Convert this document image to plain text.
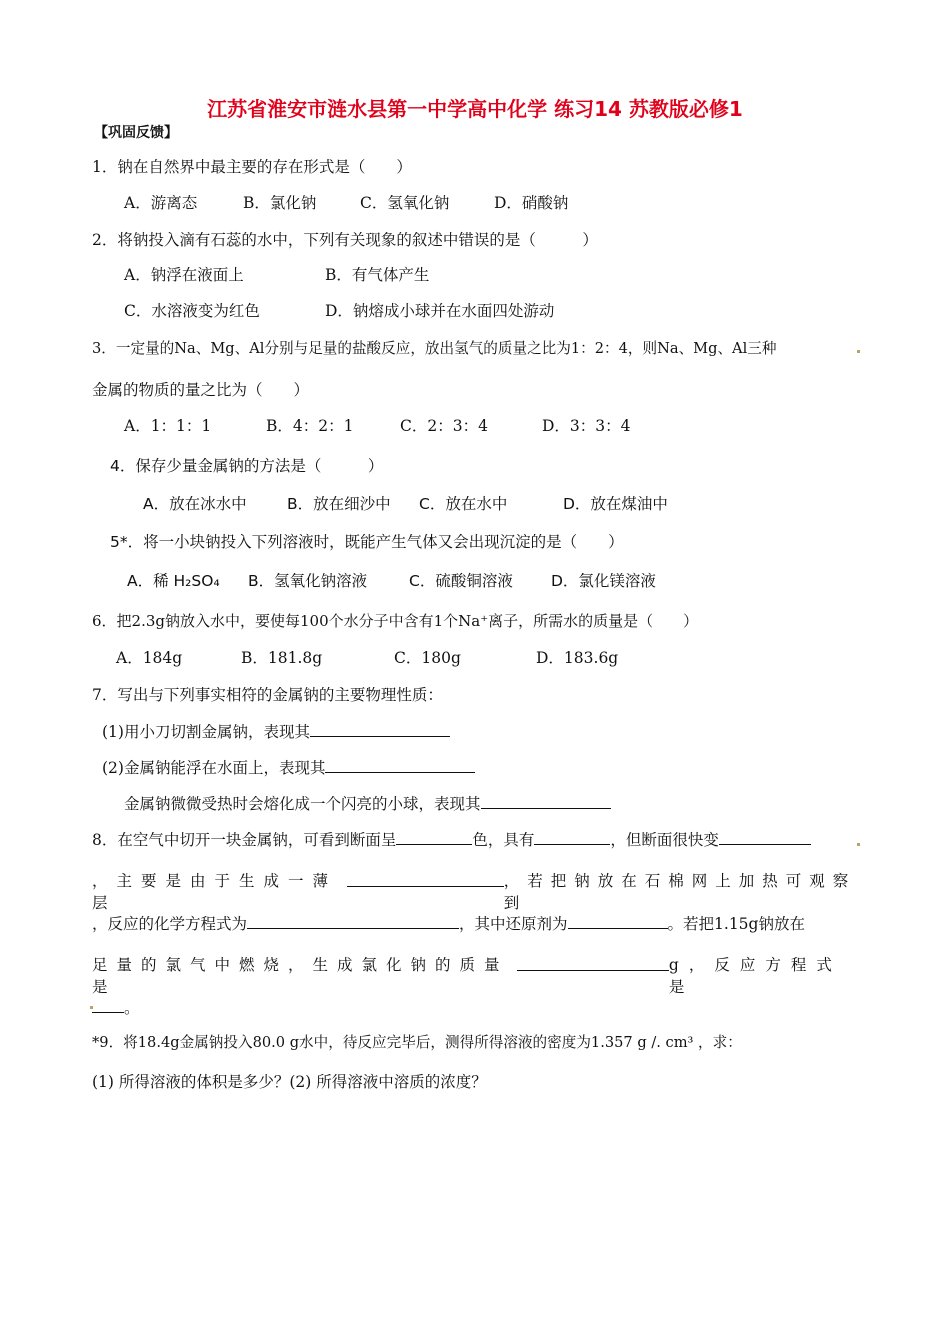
江苏省淮安市涟水县第一中学高中化学 练习14 苏教版必修1
【巩固反馈】
1．钠在自然界中最主要的存在形式是（　　）
A．游离态	B．氯化钠	C．氢氧化钠	D．硝酸钠
2．将钠投入滴有石蕊的水中，下列有关现象的叙述中错误的是（　　　）
A．钠浮在液面上	B．有气体产生
C．水溶液变为红色	D．钠熔成小球并在水面四处游动
3．一定量的Na、Mg、Al分别与足量的盐酸反应，放出氢气的质量之比为1：2：4，则Na、Mg、Al三种
金属的物质的量之比为（　　）
A．1：1：1	B．4：2：1	C．2：3：4	D．3：3：4
4．保存少量金属钠的方法是（　　　）
A．放在冰水中	B．放在细沙中 C．放在水中	D．放在煤油中
5*．将一小块钠投入下列溶液时，既能产生气体又会出现沉淀的是（　　）
A．稀 H₂SO₄ B．氢氧化钠溶液	C．硫酸铜溶液 D．氯化镁溶液
6．把2.3g钠放入水中，要使每100个水分子中含有1个Na⁺离子，所需水的质量是（　　）
A．184g	B．181.8g	C．180g	D．183.6g
7．写出与下列事实相符的金属钠的主要物理性质：
(1)用小刀切割金属钠，表现其
(2)金属钠能浮在水面上，表现其
金属钠微微受热时会熔化成一个闪亮的小球，表现其
8．在空气中切开一块金属钠，可看到断面呈	色，具有	，但断面很快变
，主要是由于生成一薄层
，若把钠放在石棉网上加热可观察到
，反应的化学方程式为	，其中还原剂为	。若把1.15g钠放在
足量的氯气中燃烧，生成氯化钠的质量是
g，反应方程式是
。
*9．将18.4g金属钠投入80.0 g水中，待反应完毕后，测得所得溶液的密度为1.357 g /. cm³ ，求：
(1) 所得溶液的体积是多少？(2) 所得溶液中溶质的浓度？
